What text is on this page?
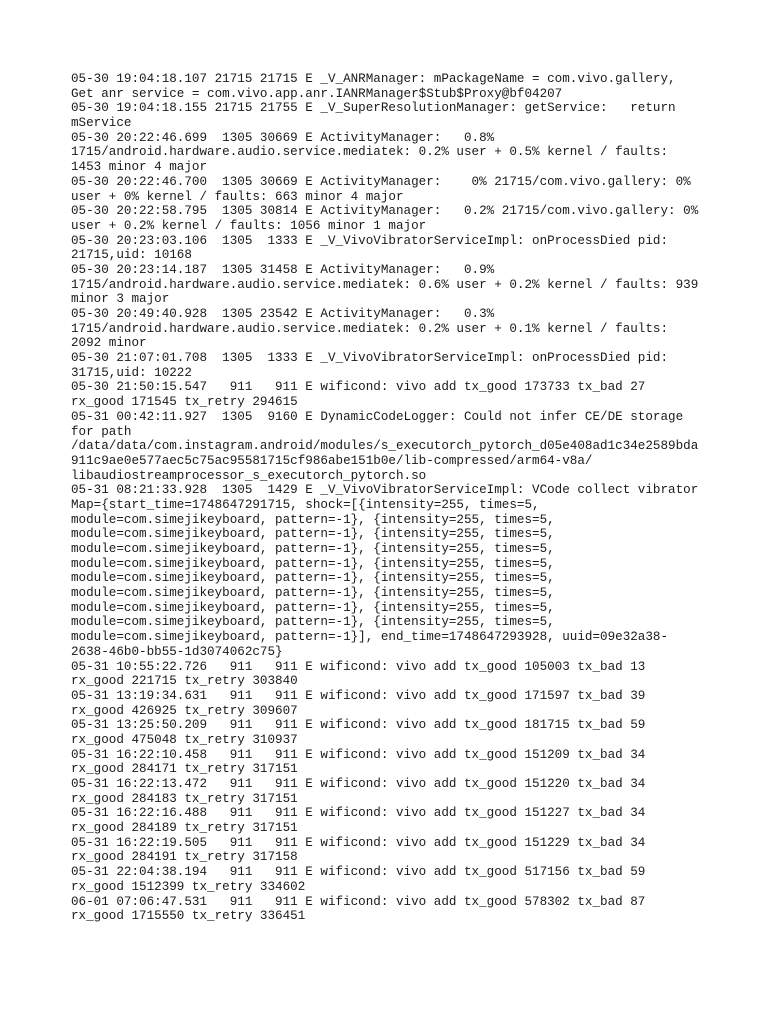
05-30 19:04:18.107 21715 21715 E _V_ANRManager: mPackageName = com.vivo.gallery,
Get anr service = com.vivo.app.anr.IANRManager$Stub$Proxy@bf04207
05-30 19:04:18.155 21715 21755 E _V_SuperResolutionManager: getService:   return
mService
05-30 20:22:46.699  1305 30669 E ActivityManager:   0.8%
1715/android.hardware.audio.service.mediatek: 0.2% user + 0.5% kernel / faults:
1453 minor 4 major
05-30 20:22:46.700  1305 30669 E ActivityManager:    0% 21715/com.vivo.gallery: 0%
user + 0% kernel / faults: 663 minor 4 major
05-30 20:22:58.795  1305 30814 E ActivityManager:   0.2% 21715/com.vivo.gallery: 0%
user + 0.2% kernel / faults: 1056 minor 1 major
05-30 20:23:03.106  1305  1333 E _V_VivoVibratorServiceImpl: onProcessDied pid:
21715,uid: 10168
05-30 20:23:14.187  1305 31458 E ActivityManager:   0.9%
1715/android.hardware.audio.service.mediatek: 0.6% user + 0.2% kernel / faults: 939
minor 3 major
05-30 20:49:40.928  1305 23542 E ActivityManager:   0.3%
1715/android.hardware.audio.service.mediatek: 0.2% user + 0.1% kernel / faults:
2092 minor
05-30 21:07:01.708  1305  1333 E _V_VivoVibratorServiceImpl: onProcessDied pid:
31715,uid: 10222
05-30 21:50:15.547   911   911 E wificond: vivo add tx_good 173733 tx_bad 27
rx_good 171545 tx_retry 294615
05-31 00:42:11.927  1305  9160 E DynamicCodeLogger: Could not infer CE/DE storage
for path
/data/data/com.instagram.android/modules/s_executorch_pytorch_d05e408ad1c34e2589bda
911c9ae0e577aec5c75ac95581715cf986abe151b0e/lib-compressed/arm64-v8a/
libaudiostreamprocessor_s_executorch_pytorch.so
05-31 08:21:33.928  1305  1429 E _V_VivoVibratorServiceImpl: VCode collect vibrator
Map={start_time=1748647291715, shock=[{intensity=255, times=5,
module=com.simejikeyboard, pattern=-1}, {intensity=255, times=5,
module=com.simejikeyboard, pattern=-1}, {intensity=255, times=5,
module=com.simejikeyboard, pattern=-1}, {intensity=255, times=5,
module=com.simejikeyboard, pattern=-1}, {intensity=255, times=5,
module=com.simejikeyboard, pattern=-1}, {intensity=255, times=5,
module=com.simejikeyboard, pattern=-1}, {intensity=255, times=5,
module=com.simejikeyboard, pattern=-1}, {intensity=255, times=5,
module=com.simejikeyboard, pattern=-1}, {intensity=255, times=5,
module=com.simejikeyboard, pattern=-1}], end_time=1748647293928, uuid=09e32a38-
2638-46b0-bb55-1d3074062c75}
05-31 10:55:22.726   911   911 E wificond: vivo add tx_good 105003 tx_bad 13
rx_good 221715 tx_retry 303840
05-31 13:19:34.631   911   911 E wificond: vivo add tx_good 171597 tx_bad 39
rx_good 426925 tx_retry 309607
05-31 13:25:50.209   911   911 E wificond: vivo add tx_good 181715 tx_bad 59
rx_good 475048 tx_retry 310937
05-31 16:22:10.458   911   911 E wificond: vivo add tx_good 151209 tx_bad 34
rx_good 284171 tx_retry 317151
05-31 16:22:13.472   911   911 E wificond: vivo add tx_good 151220 tx_bad 34
rx_good 284183 tx_retry 317151
05-31 16:22:16.488   911   911 E wificond: vivo add tx_good 151227 tx_bad 34
rx_good 284189 tx_retry 317151
05-31 16:22:19.505   911   911 E wificond: vivo add tx_good 151229 tx_bad 34
rx_good 284191 tx_retry 317158
05-31 22:04:38.194   911   911 E wificond: vivo add tx_good 517156 tx_bad 59
rx_good 1512399 tx_retry 334602
06-01 07:06:47.531   911   911 E wificond: vivo add tx_good 578302 tx_bad 87
rx_good 1715550 tx_retry 336451
